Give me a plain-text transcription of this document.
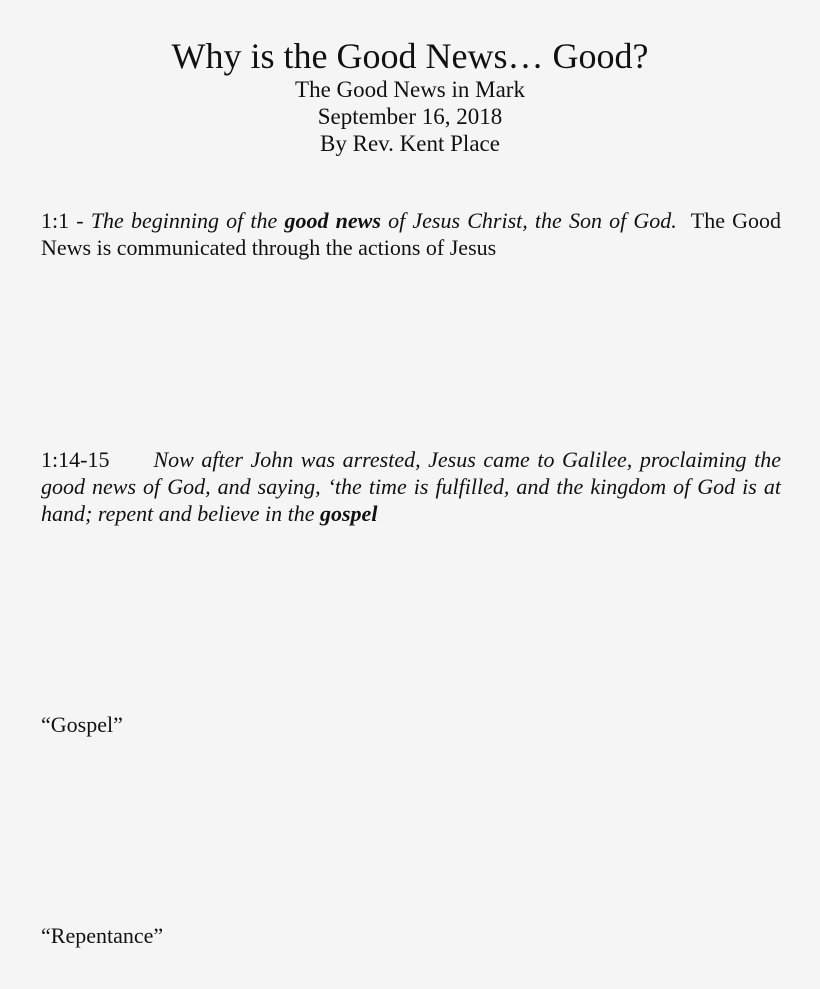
Why is the Good News… Good?
The Good News in Mark
September 16, 2018
By Rev. Kent Place
1:1 - The beginning of the good news of Jesus Christ, the Son of God. The Good News is communicated through the actions of Jesus
1:14-15 Now after John was arrested, Jesus came to Galilee, proclaiming the good news of God, and saying, ‘the time is fulfilled, and the kingdom of God is at hand; repent and believe in the gospel
“Gospel”
“Repentance”
